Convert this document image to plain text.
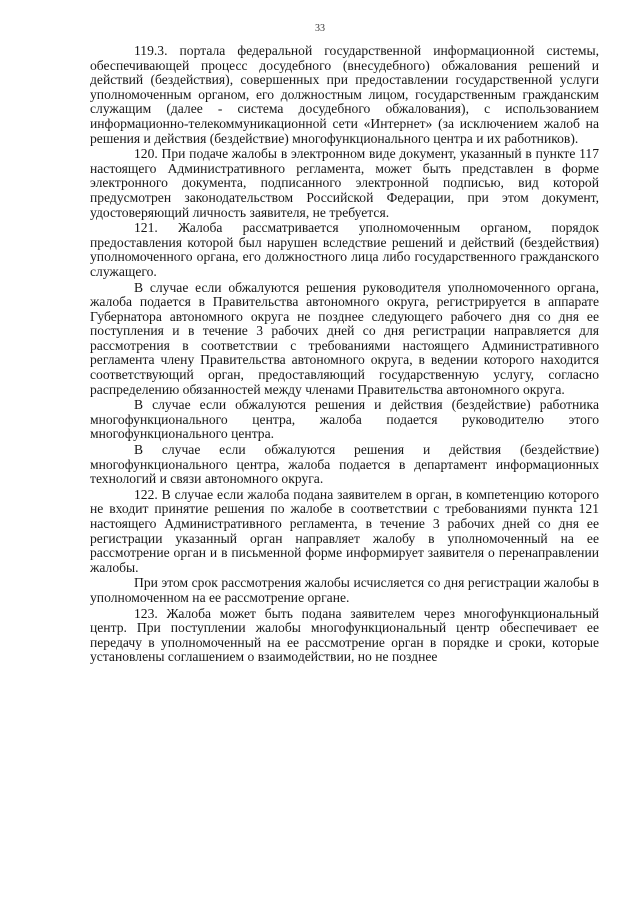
33

119.3. портала федеральной государственной информационной системы, обеспечивающей процесс досудебного (внесудебного) обжалования решений и действий (бездействия), совершенных при предоставлении государственной услуги уполномоченным органом, его должностным лицом, государственным гражданским служащим (далее - система досудебного обжалования), с использованием информационно-телекоммуникационной сети «Интернет» (за исключением жалоб на решения и действия (бездействие) многофункционального центра и их работников).

120. При подаче жалобы в электронном виде документ, указанный в пункте 117 настоящего Административного регламента, может быть представлен в форме электронного документа, подписанного электронной подписью, вид которой предусмотрен законодательством Российской Федерации, при этом документ, удостоверяющий личность заявителя, не требуется.

121. Жалоба рассматривается уполномоченным органом, порядок предоставления которой был нарушен вследствие решений и действий (бездействия) уполномоченного органа, его должностного лица либо государственного гражданского служащего.

В случае если обжалуются решения руководителя уполномоченного органа, жалоба подается в Правительства автономного округа, регистрируется в аппарате Губернатора автономного округа не позднее следующего рабочего дня со дня ее поступления и в течение 3 рабочих дней со дня регистрации направляется для рассмотрения в соответствии с требованиями настоящего Административного регламента члену Правительства автономного округа, в ведении которого находится соответствующий орган, предоставляющий государственную услугу, согласно распределению обязанностей между членами Правительства автономного округа.

В случае если обжалуются решения и действия (бездействие) работника многофункционального центра, жалоба подается руководителю этого многофункционального центра.

В случае если обжалуются решения и действия (бездействие) многофункционального центра, жалоба подается в департамент информационных технологий и связи автономного округа.

122. В случае если жалоба подана заявителем в орган, в компетенцию которого не входит принятие решения по жалобе в соответствии с требованиями пункта 121 настоящего Административного регламента, в течение 3 рабочих дней со дня ее регистрации указанный орган направляет жалобу в уполномоченный на ее рассмотрение орган и в письменной форме информирует заявителя о перенаправлении жалобы.

При этом срок рассмотрения жалобы исчисляется со дня регистрации жалобы в уполномоченном на ее рассмотрение органе.

123. Жалоба может быть подана заявителем через многофункциональный центр. При поступлении жалобы многофункциональный центр обеспечивает ее передачу в уполномоченный на ее рассмотрение орган в порядке и сроки, которые установлены соглашением о взаимодействии, но не позднее
